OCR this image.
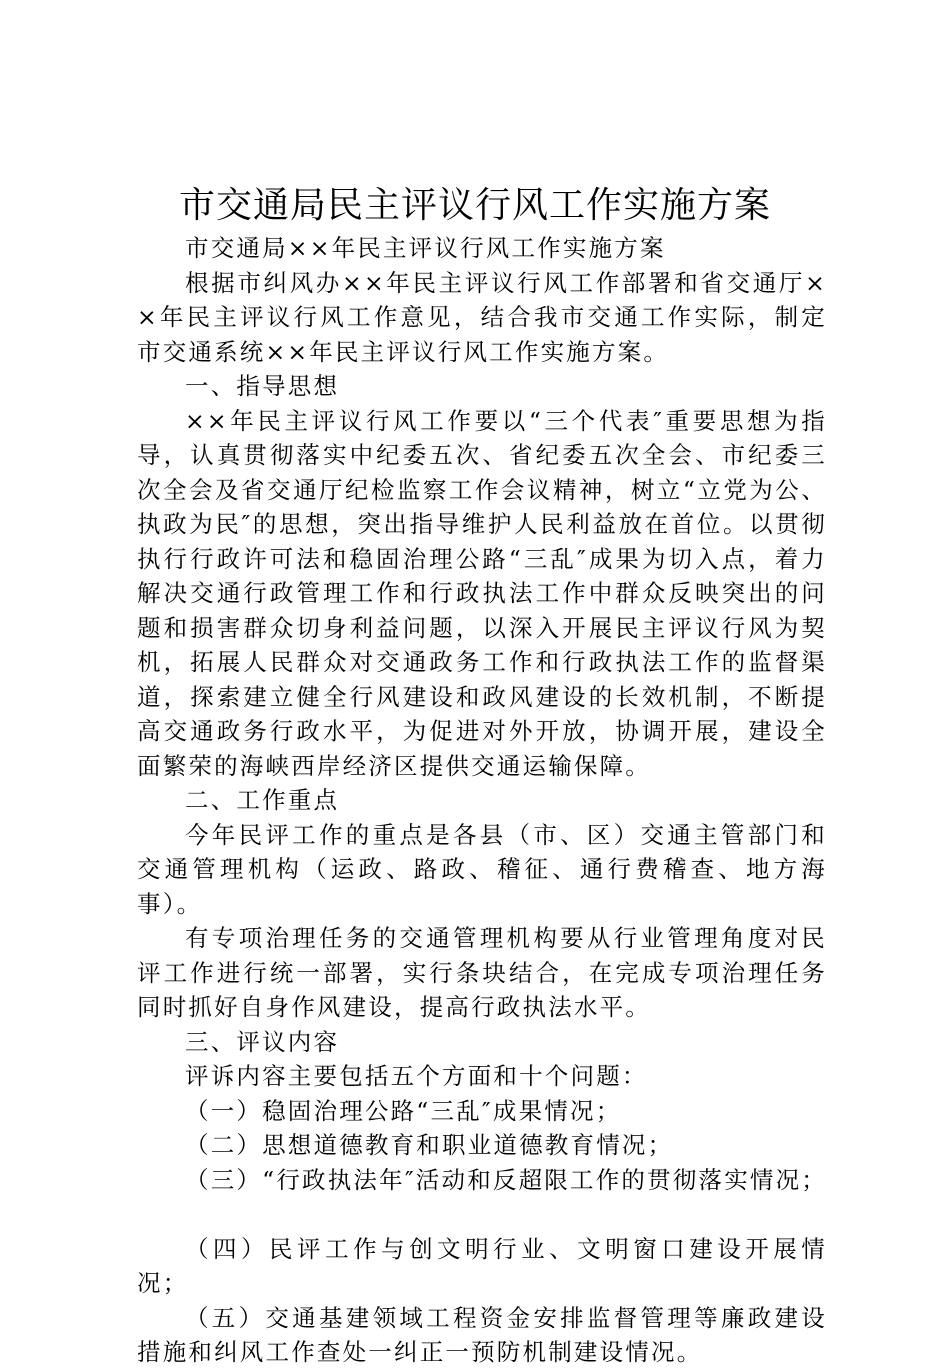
市交通局民主评议行风工作实施方案

市交通局××年民主评议行风工作实施方案

根据市纠风办××年民主评议行风工作部署和省交通厅××年民主评议行风工作意见，结合我市交通工作实际，制定市交通系统××年民主评议行风工作实施方案。

一、指导思想

××年民主评议行风工作要以“三个代表″重要思想为指导，认真贯彻落实中纪委五次、省纪委五次全会、市纪委三次全会及省交通厅纪检监察工作会议精神，树立“立党为公、执政为民″的思想，突出指导维护人民利益放在首位。以贯彻执行行政许可法和稳固治理公路“三乱″成果为切入点，着力解决交通行政管理工作和行政执法工作中群众反映突出的问题和损害群众切身利益问题，以深入开展民主评议行风为契机，拓展人民群众对交通政务工作和行政执法工作的监督渠道，探索建立健全行风建设和政风建设的长效机制，不断提高交通政务行政水平，为促进对外开放，协调开展，建设全面繁荣的海峡西岸经济区提供交通运输保障。

二、工作重点

今年民评工作的重点是各县（市、区）交通主管部门和交通管理机构（运政、路政、稽征、通行费稽查、地方海事）。

有专项治理任务的交通管理机构要从行业管理角度对民评工作进行统一部署，实行条块结合，在完成专项治理任务同时抓好自身作风建设，提高行政执法水平。

三、评议内容

评诉内容主要包括五个方面和十个问题：

（一）稳固治理公路“三乱″成果情况；

（二）思想道德教育和职业道德教育情况；

（三）“行政执法年″活动和反超限工作的贯彻落实情况；

（四）民评工作与创文明行业、文明窗口建设开展情况；

（五）交通基建领域工程资金安排监督管理等廉政建设措施和纠风工作查处一纠正一预防机制建设情况。
